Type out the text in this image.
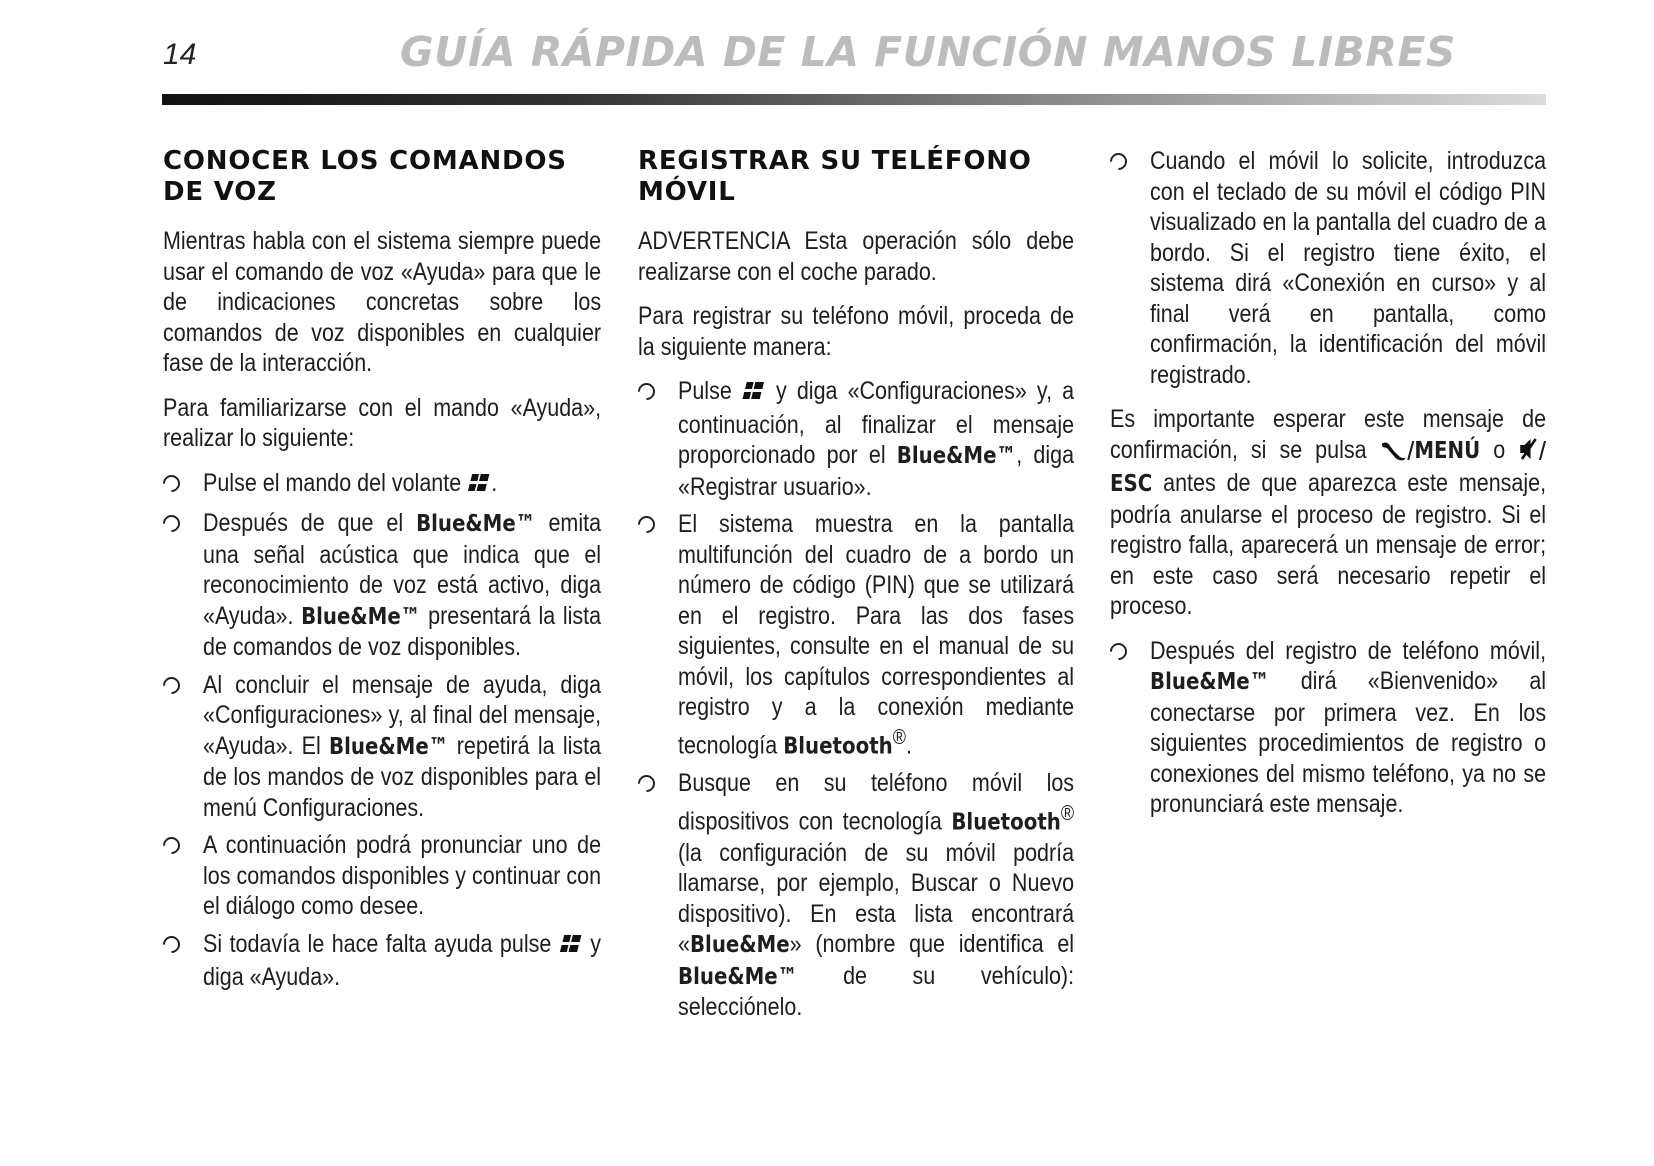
14	GUÍA RÁPIDA DE LA FUNCIÓN MANOS LIBRES
CONOCER LOS COMANDOS DE VOZ

Mientras habla con el sistema siempre puede usar el comando de voz «Ayuda» para que le de indicaciones concretas sobre los comandos de voz disponibles en cualquier fase de la interacción.

Para familiarizarse con el mando «Ayuda», realizar lo siguiente:

Pulse el mando del volante .

Después de que el Blue&Me™ emita una señal acústica que indica que el reconocimiento de voz está activo, diga «Ayuda». Blue&Me™ presentará la lista de comandos de voz disponibles.

Al concluir el mensaje de ayuda, diga «Configuraciones» y, al final del mensaje, «Ayuda». El Blue&Me™ repetirá la lista de los mandos de voz disponibles para el menú Configuraciones.

A continuación podrá pronunciar uno de los comandos disponibles y continuar con el diálogo como desee.

Si todavía le hace falta ayuda pulse y diga «Ayuda».

REGISTRAR SU TELÉFONO MÓVIL

ADVERTENCIA Esta operación sólo debe realizarse con el coche parado.

Para registrar su teléfono móvil, proceda de la siguiente manera:

Pulse y diga «Configuraciones» y, a continuación, al finalizar el mensaje proporcionado por el Blue&Me™, diga «Registrar usuario».

El sistema muestra en la pantalla multifunción del cuadro de a bordo un número de código (PIN) que se utilizará en el registro. Para las dos fases siguientes, consulte en el manual de su móvil, los capítulos correspondientes al registro y a la conexión mediante tecnología Bluetooth®.

Busque en su teléfono móvil los dispositivos con tecnología Bluetooth® (la configuración de su móvil podría llamarse, por ejemplo, Buscar o Nuevo dispositivo). En esta lista encontrará «Blue&Me» (nombre que identifica el Blue&Me™ de su vehículo): selecciónelo.

Cuando el móvil lo solicite, introduzca con el teclado de su móvil el código PIN visualizado en la pantalla del cuadro de a bordo. Si el registro tiene éxito, el sistema dirá «Conexión en curso» y al final verá en pantalla, como confirmación, la identificación del móvil registrado.

Es importante esperar este mensaje de confirmación, si se pulsa /MENÚ o / ESC antes de que aparezca este mensaje, podría anularse el proceso de registro. Si el registro falla, aparecerá un mensaje de error; en este caso será necesario repetir el proceso.

Después del registro de teléfono móvil, Blue&Me™ dirá «Bienvenido» al conectarse por primera vez. En los siguientes procedimientos de registro o conexiones del mismo teléfono, ya no se pronunciará este mensaje.
